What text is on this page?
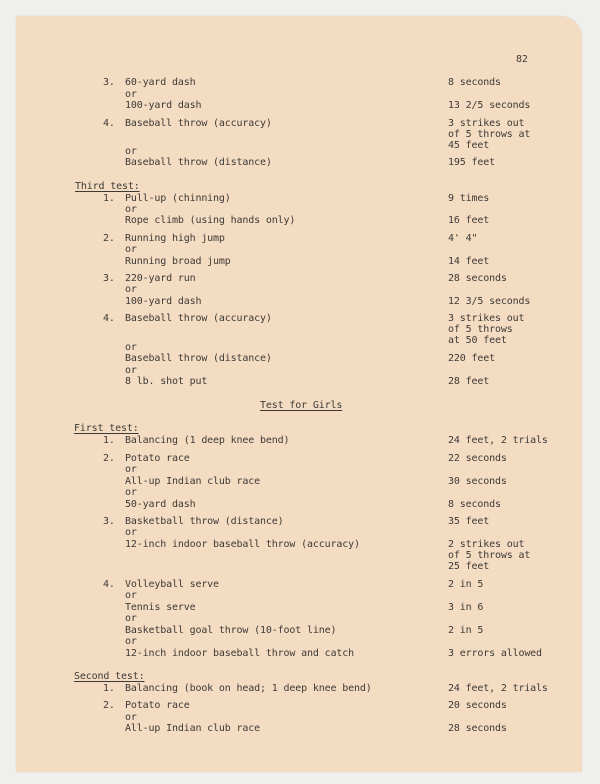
82
3. 60-yard dash	8 seconds
or
100-yard dash	13 2/5 seconds
4. Baseball throw (accuracy)	3 strikes out
of 5 throws at
45 feet
or
Baseball throw (distance)	195 feet
Third test:
1. Pull-up (chinning)	9 times
or
Rope climb (using hands only)	16 feet
2. Running high jump	4' 4"
or
Running broad jump	14 feet
3. 220-yard run	28 seconds
or
100-yard dash	12 3/5 seconds
4. Baseball throw (accuracy)	3 strikes out
of 5 throws
at 50 feet
or
Baseball throw (distance)	220 feet
or
8 lb. shot put	28 feet
Test for Girls
First test:
1. Balancing (1 deep knee bend)	24 feet, 2 trials
2. Potato race	22 seconds
or
All-up Indian club race	30 seconds
or
50-yard dash	8 seconds
3. Basketball throw (distance)	35 feet
or
12-inch indoor baseball throw (accuracy)	2 strikes out
of 5 throws at
25 feet
4. Volleyball serve	2 in 5
or
Tennis serve	3 in 6
or
Basketball goal throw (10-foot line)	2 in 5
or
12-inch indoor baseball throw and catch	3 errors allowed
Second test:
1. Balancing (book on head; 1 deep knee bend)	24 feet, 2 trials
2. Potato race	20 seconds
or
All-up Indian club race	28 seconds
